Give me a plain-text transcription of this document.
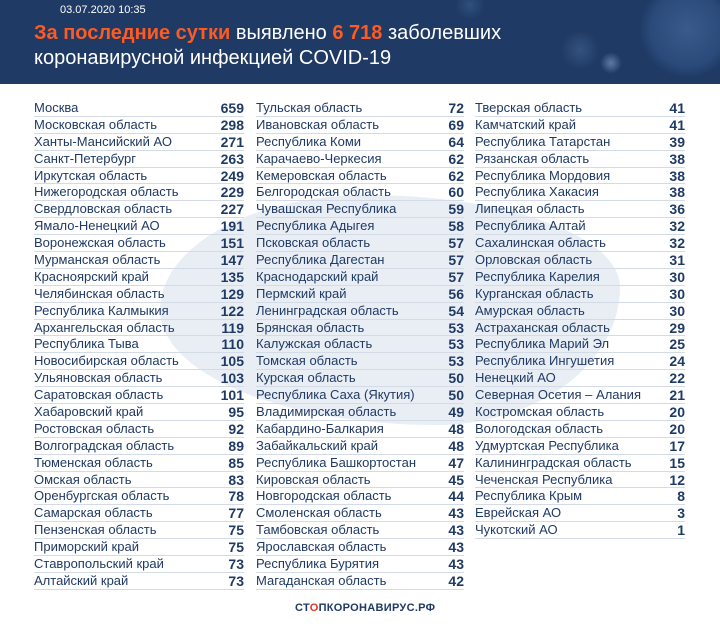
03.07.2020 10:35
За последние сутки выявлено 6 718 заболевших
коронавирусной инфекцией COVID-19
Москва	659
Московская область	298
Ханты-Мансийский АО	271
Санкт-Петербург	263
Иркутская область	249
Нижегородская область	229
Свердловская область	227
Ямало-Ненецкий АО	191
Воронежская область	151
Мурманская область	147
Красноярский край	135
Челябинская область	129
Республика Калмыкия	122
Архангельская область	119
Республика Тыва	110
Новосибирская область	105
Ульяновская область	103
Саратовская область	101
Хабаровский край	95
Ростовская область	92
Волгоградская область	89
Тюменская область	85
Омская область	83
Оренбургская область	78
Самарская область	77
Пензенская область	75
Приморский край	75
Ставропольский край	73
Алтайский край	73
Тульская область	72
Ивановская область	69
Республика Коми	64
Карачаево-Черкесия	62
Кемеровская область	62
Белгородская область	60
Чувашская Республика	59
Республика Адыгея	58
Псковская область	57
Республика Дагестан	57
Краснодарский край	57
Пермский край	56
Ленинградская область	54
Брянская область	53
Калужская область	53
Томская область	53
Курская область	50
Республика Саха (Якутия) 50
Владимирская область	49
Кабардино-Балкария	48
Забайкальский край	48
Республика Башкортостан 47
Кировская область	45
Новгородская область	44
Смоленская область	43
Тамбовская область	43
Ярославская область	43
Республика Бурятия	43
Магаданская область	42
Тверская область	41
Камчатский край	41
Республика Татарстан	39
Рязанская область	38
Республика Мордовия	38
Республика Хакасия	38
Липецкая область	36
Республика Алтай	32
Сахалинская область	32
Орловская область	31
Республика Карелия	30
Курганская область	30
Амурская область	30
Астраханская область	29
Республика Марий Эл	25
Республика Ингушетия	24
Ненецкий АО	22
Северная Осетия – Алания 21
Костромская область	20
Вологодская область	20
Удмуртская Республика	17
Калининградская область	15
Чеченская Республика	12
Республика Крым	8
Еврейская АО	3
Чукотский АО	1
СТОПКОРОНАВИРУС.РФ
